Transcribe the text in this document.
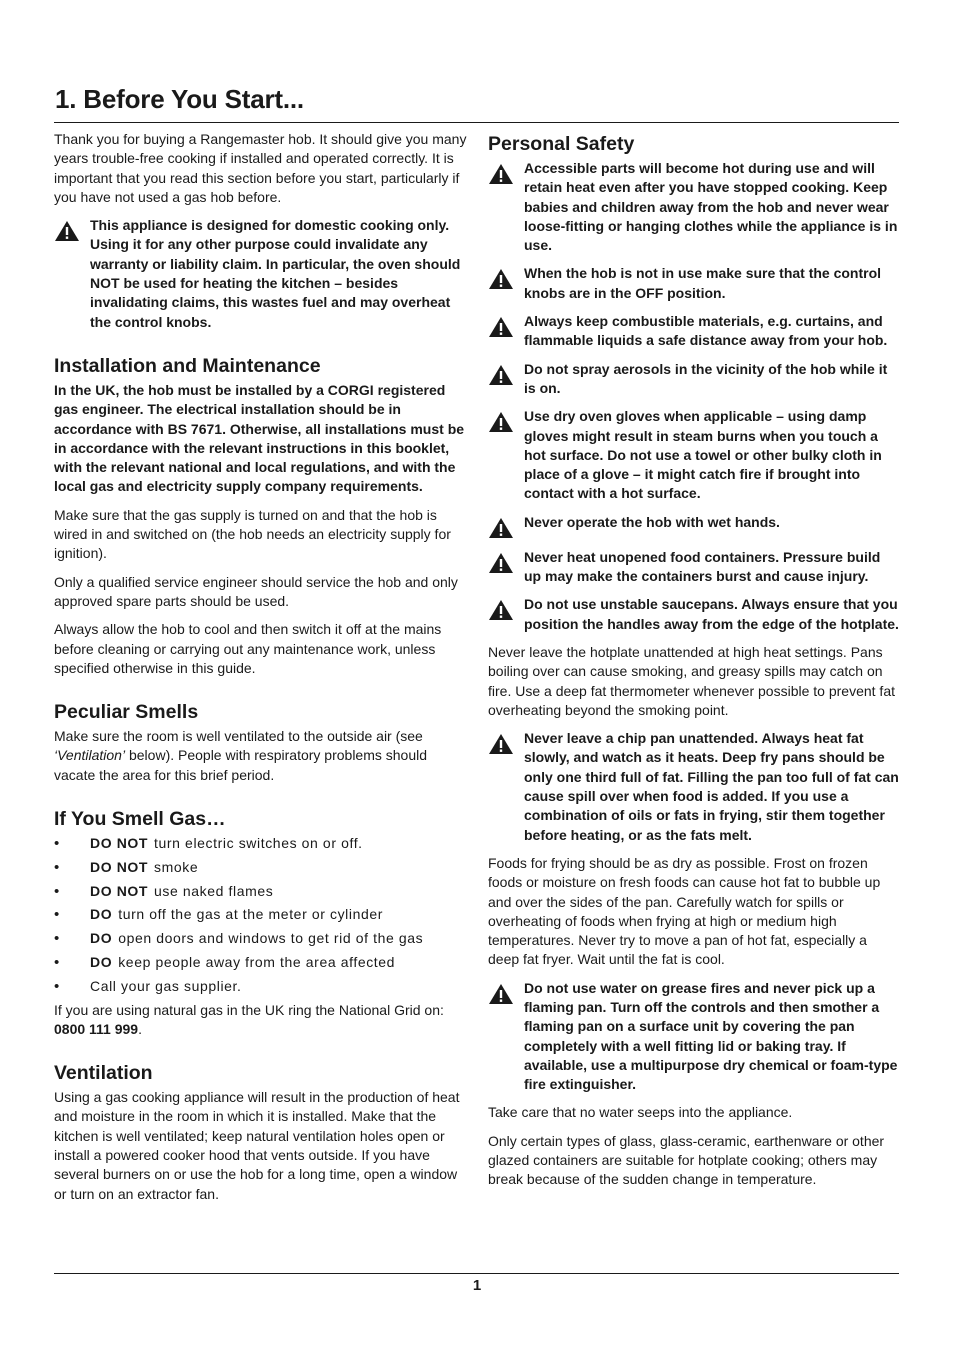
1. Before You Start...

Thank you for buying a Rangemaster hob. It should give you many years trouble-free cooking if installed and operated correctly. It is important that you read this section before you start, particularly if you have not used a gas hob before.

This appliance is designed for domestic cooking only. Using it for any other purpose could invalidate any warranty or liability claim. In particular, the oven should NOT be used for heating the kitchen – besides invalidating claims, this wastes fuel and may overheat the control knobs.
Installation and Maintenance

In the UK, the hob must be installed by a CORGI registered gas engineer. The electrical installation should be in accordance with BS 7671. Otherwise, all installations must be in accordance with the relevant instructions in this booklet, with the relevant national and local regulations, and with the local gas and electricity supply company requirements.

Make sure that the gas supply is turned on and that the hob is wired in and switched on (the hob needs an electricity supply for ignition).

Only a qualified service engineer should service the hob and only approved spare parts should be used.

Always allow the hob to cool and then switch it off at the mains before cleaning or carrying out any maintenance work, unless specified otherwise in this guide.

Peculiar Smells

Make sure the room is well ventilated to the outside air (see ‘Ventilation’ below). People with respiratory problems should vacate the area for this brief period.

If You Smell Gas…
•	DO NOT turn electric switches on or off.
•	DO NOT smoke
•	DO NOT use naked flames
•	DO turn off the gas at the meter or cylinder
•	DO open doors and windows to get rid of the gas
•	DO keep people away from the area affected
•	Call your gas supplier.

If you are using natural gas in the UK ring the National Grid on: 0800 111 999.

Ventilation

Using a gas cooking appliance will result in the production of heat and moisture in the room in which it is installed. Make that the kitchen is well ventilated; keep natural ventilation holes open or install a powered cooker hood that vents outside. If you have several burners on or use the hob for a long time, open a window or turn on an extractor fan.

Personal Safety
Accessible parts will become hot during use and will retain heat even after you have stopped cooking. Keep babies and children away from the hob and never wear loose-fitting or hanging clothes while the appliance is in use.
When the hob is not in use make sure that the control knobs are in the OFF position.
Always keep combustible materials, e.g. curtains, and flammable liquids a safe distance away from your hob.
Do not spray aerosols in the vicinity of the hob while it is on.
Use dry oven gloves when applicable – using damp gloves might result in steam burns when you touch a hot surface. Do not use a towel or other bulky cloth in place of a glove – it might catch fire if brought into contact with a hot surface.
Never operate the hob with wet hands.
Never heat unopened food containers. Pressure build up may make the containers burst and cause injury.
Do not use unstable saucepans. Always ensure that you position the handles away from the edge of the hotplate.

Never leave the hotplate unattended at high heat settings. Pans boiling over can cause smoking, and greasy spills may catch on fire. Use a deep fat thermometer whenever possible to prevent fat overheating beyond the smoking point.

Never leave a chip pan unattended. Always heat fat slowly, and watch as it heats. Deep fry pans should be only one third full of fat. Filling the pan too full of fat can cause spill over when food is added. If you use a combination of oils or fats in frying, stir them together before heating, or as the fats melt.

Foods for frying should be as dry as possible. Frost on frozen foods or moisture on fresh foods can cause hot fat to bubble up and over the sides of the pan. Carefully watch for spills or overheating of foods when frying at high or medium high temperatures. Never try to move a pan of hot fat, especially a deep fat fryer. Wait until the fat is cool.

Do not use water on grease fires and never pick up a flaming pan. Turn off the controls and then smother a flaming pan on a surface unit by covering the pan completely with a well fitting lid or baking tray. If available, use a multipurpose dry chemical or foam-type fire extinguisher.

Take care that no water seeps into the appliance.

Only certain types of glass, glass-ceramic, earthenware or other glazed containers are suitable for hotplate cooking; others may break because of the sudden change in temperature.

1
